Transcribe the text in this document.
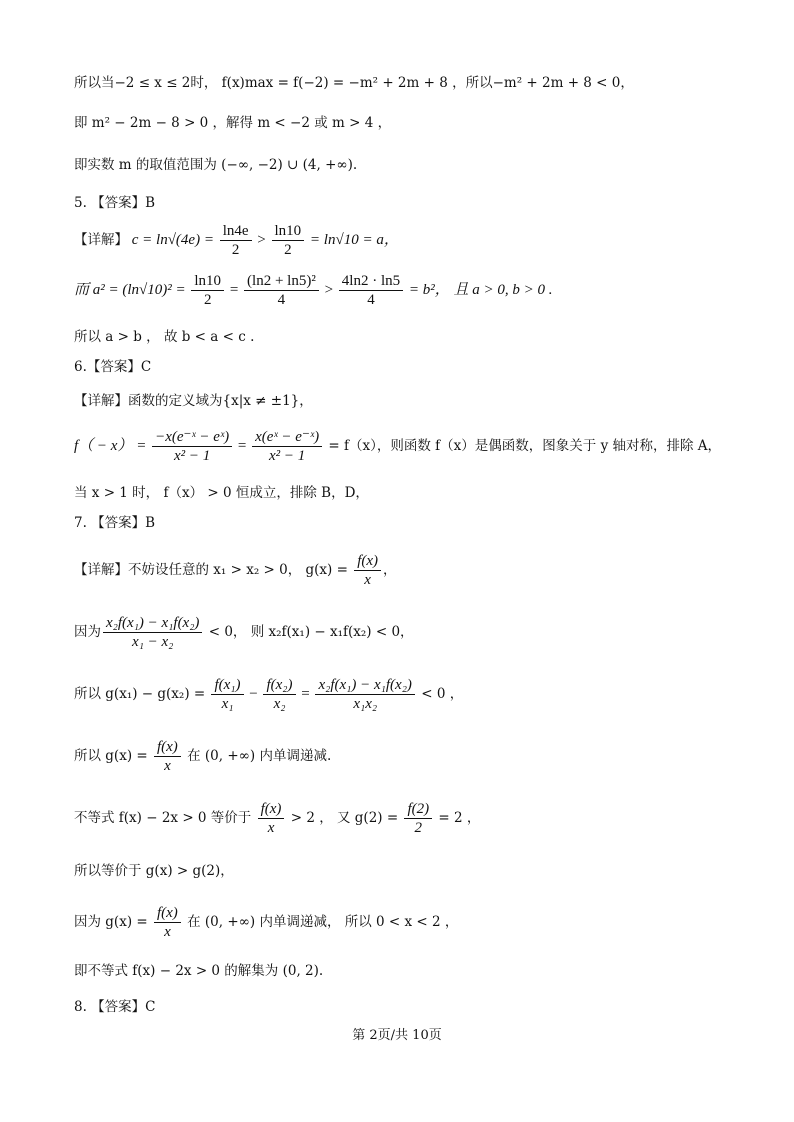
所以当−2 ≤ x ≤ 2时， f(x)max = f(−2) = −m² + 2m + 8 ，所以−m² + 2m + 8 < 0，
即 m² − 2m − 8 > 0 ，解得 m < −2 或 m > 4 ，
即实数 m 的取值范围为 (−∞, −2) ∪ (4, +∞).
5. 【答案】B
【详解】 $c = \ln√(4e) = \frac{\ln 4e}{2} > \frac{\ln 10}{2} = \ln√10 = a$，
而 $a^2 = (\ln√10)^2 = \frac{\ln 10}{2} = \frac{\text{(ln2 + ln5)²}}{4} > \frac{4\ln 2 \cdot \ln 5}{4} = b^2$， 且 a > 0, b > 0 .
所以 a > b ， 故 b < a < c .
6.【答案】C
【详解】函数的定义域为{x|x ≠ ±1}，
$f( - x) = \frac{\text{−x(e⁻ˣ − eˣ)}}{\text{x² − 1}} = \frac{\text{x(eˣ − e⁻ˣ)}}{\text{x² − 1}} = f(x)$，则函数 f（x）是偶函数，图象关于 y 轴对称，排除 A，
当 x > 1 时， f（x） > 0 恒成立，排除 B，D，
7. 【答案】B
【详解】不妨设任意的 x₁ > x₂ > 0， $g(x) = \frac{f(x)}{x}$ ，
因为 $\frac{\text{x₂f(x₁) − x₁f(x₂)}}{\text{x₁ − x₂}} < 0$， 则 x₂f(x₁) − x₁f(x₂) < 0，
所以 $g(x_1) - g(x_2) = \frac{\text{f(x₁)}}{\text{x₁}} - \frac{\text{f(x₂)}}{\text{x₂}} = \frac{\text{x₂f(x₁) − x₁f(x₂)}}{\text{x₁x₂}} < 0$ ，
所以 $g(x) = \frac{f(x)}{x}$ 在 (0, +∞) 内单调递减.
不等式 f(x) − 2x > 0 等价于 $\frac{f(x)}{x} > 2$ ， 又 $g(2) = \frac{f(2)}{2} = 2$ ，
所以等价于 g(x) > g(2)，
因为 $g(x) = \frac{f(x)}{x}$ 在 (0, +∞) 内单调递减， 所以 0 < x < 2 ，
即不等式 f(x) − 2x > 0 的解集为 (0, 2).
8. 【答案】C
第 2页/共 10页
